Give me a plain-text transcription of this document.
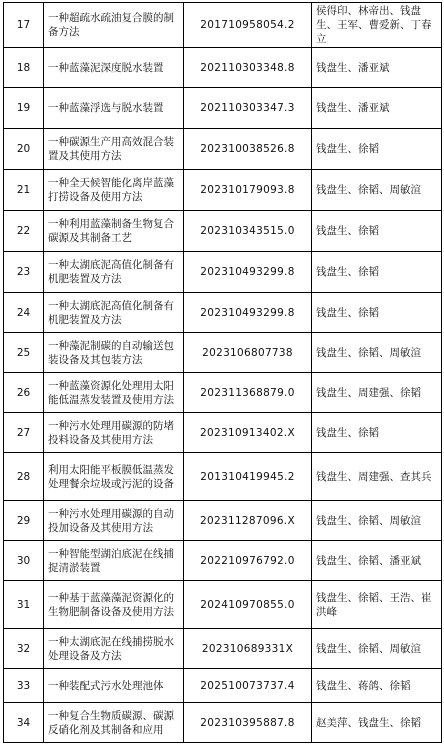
17	一种超疏水疏油复合膜的制备方法	201710958054.2	侯得印、林帝出、钱盘生、王军、曹爱新、丁春立
18	一种蓝藻泥深度脱水装置	202110303348.8	钱盘生、潘亚斌
19	一种蓝藻浮选与脱水装置	202110303347.3	钱盘生、潘亚斌
20	一种碳源生产用高效混合装置及其使用方法	202310038526.8	钱盘生、徐韬
21	一种全天候智能化离岸蓝藻打捞设备及使用方法	202310179093.8	钱盘生、徐韬、周敏渲
22	一种利用蓝藻制备生物复合碳源及其制备工艺	202310343515.0	钱盘生、徐韬
23	一种太湖底泥高值化制备有机肥装置及方法	202310493299.8	钱盘生、徐韬
24	一种太湖底泥高值化制备有机肥装置及方法	202310493299.8	钱盘生、徐韬
25	一种藻泥制碳的自动输送包装设备及其包装方法	2023106807738	钱盘生、徐韬、周敏渲
26	一种蓝藻资源化处理用太阳能低温蒸发装置及使用方法	202311368879.0	钱盘生、周建强、徐韬
27	一种污水处理用碳源的防堵投料设备及其使用方法	202310913402.X	钱盘生、徐韬
28	利用太阳能平板膜低温蒸发处理餐余垃圾或污泥的设备	201310419945.2	钱盘生、周建强、查其兵
29	一种污水处理用碳源的自动投加设备及其使用方法	202311287096.X	钱盘生、徐韬、周敏渲
30	一种智能型湖泊底泥在线捕捉清淤装置	202210976792.0	钱盘生、徐韬、潘亚斌
31	一种基于蓝藻藻泥资源化的生物肥制备设备及使用方法	202410970855.0	钱盘生、徐韬、王浩、崔洪峰
32	一种太湖底泥在线捕捞脱水处理设备及方法	202310689331X	钱盘生、徐韬、周敏渲
33	一种装配式污水处理池体	202510073737.4	钱盘生、蒋鸽、徐韬
34	一种复合生物质碳源、碳源反硝化剂及其制备和应用	202310395887.8	赵美萍、钱盘生、徐韬
